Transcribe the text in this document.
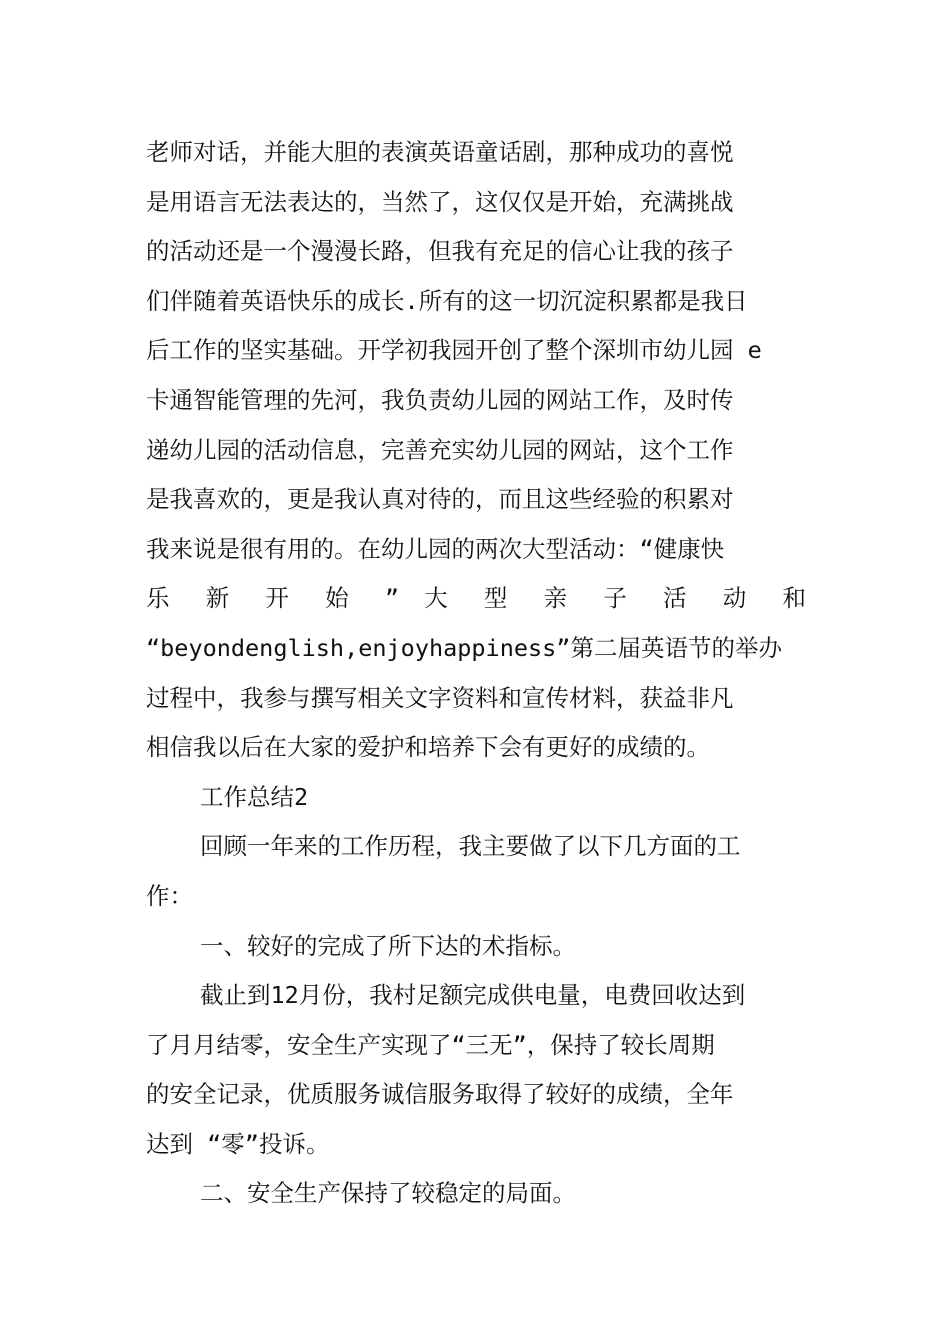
老师对话，并能大胆的表演英语童话剧，那种成功的喜悦
是用语言无法表达的，当然了，这仅仅是开始，充满挑战
的活动还是一个漫漫长路，但我有充足的信心让我的孩子
们伴随着英语快乐的成长.所有的这一切沉淀积累都是我日
后工作的坚实基础。开学初我园开创了整个深圳市幼儿园 e
卡通智能管理的先河，我负责幼儿园的网站工作，及时传
递幼儿园的活动信息，完善充实幼儿园的网站，这个工作
是我喜欢的，更是我认真对待的，而且这些经验的积累对
我来说是很有用的。在幼儿园的两次大型活动：“健康快
乐 新 开 始 ” 大 型 亲 子 活 动 和
“beyondenglish,enjoyhappiness”第二届英语节的举办
过程中，我参与撰写相关文字资料和宣传材料，获益非凡
相信我以后在大家的爱护和培养下会有更好的成绩的。
工作总结2
回顾一年来的工作历程，我主要做了以下几方面的工
作：
一、较好的完成了所下达的术指标。
截止到12月份，我村足额完成供电量，电费回收达到
了月月结零，安全生产实现了“三无”，保持了较长周期
的安全记录，优质服务诚信服务取得了较好的成绩，全年
达到 “零”投诉。
二、安全生产保持了较稳定的局面。
